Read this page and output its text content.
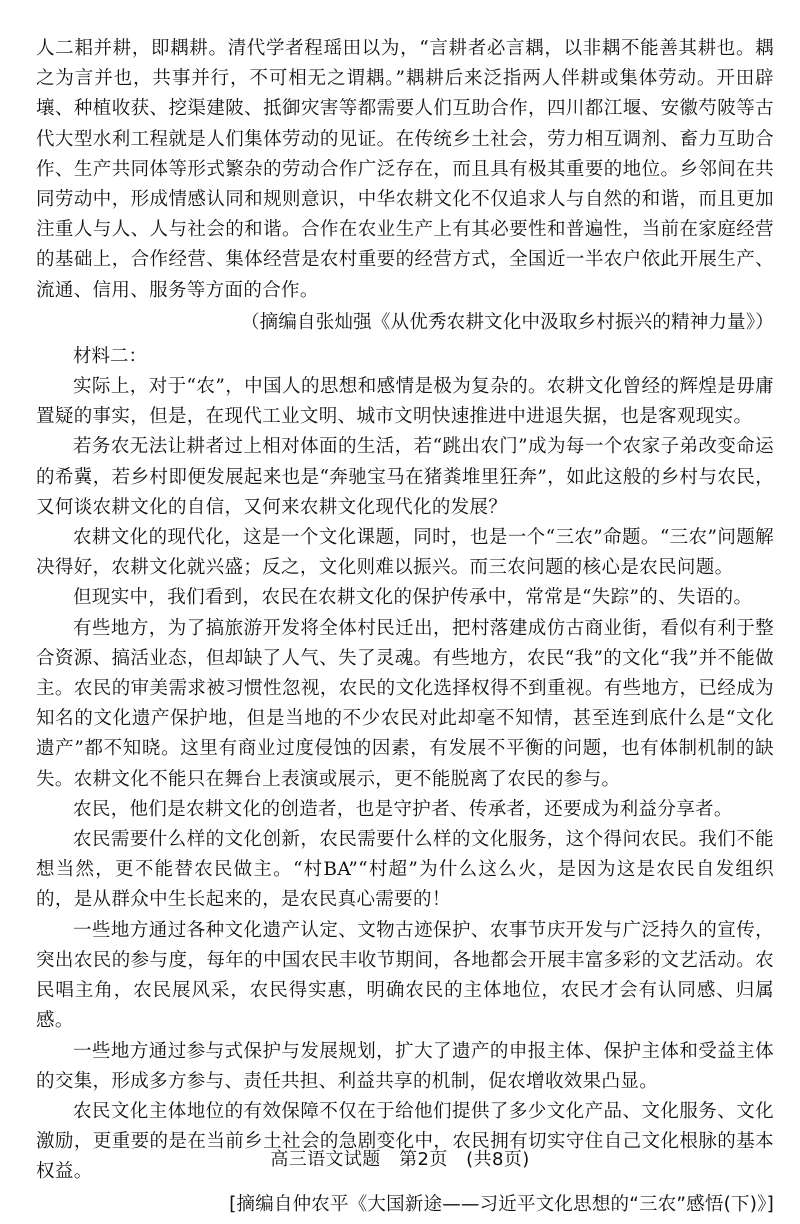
人二耜并耕，即耦耕。清代学者程瑶田以为，“言耕者必言耦，以非耦不能善其耕也。耦之为言并也，共事并行，不可相无之谓耦。”耦耕后来泛指两人伴耕或集体劳动。开田辟壤、种植收获、挖渠建陂、抵御灾害等都需要人们互助合作，四川都江堰、安徽芍陂等古代大型水利工程就是人们集体劳动的见证。在传统乡土社会，劳力相互调剂、畜力互助合作、生产共同体等形式繁杂的劳动合作广泛存在，而且具有极其重要的地位。乡邻间在共同劳动中，形成情感认同和规则意识，中华农耕文化不仅追求人与自然的和谐，而且更加注重人与人、人与社会的和谐。合作在农业生产上有其必要性和普遍性，当前在家庭经营的基础上，合作经营、集体经营是农村重要的经营方式，全国近一半农户依此开展生产、流通、信用、服务等方面的合作。

（摘编自张灿强《从优秀农耕文化中汲取乡村振兴的精神力量》）

材料二：

实际上，对于“农”，中国人的思想和感情是极为复杂的。农耕文化曾经的辉煌是毋庸置疑的事实，但是，在现代工业文明、城市文明快速推进中进退失据，也是客观现实。

若务农无法让耕者过上相对体面的生活，若“跳出农门”成为每一个农家子弟改变命运的希冀，若乡村即便发展起来也是“奔驰宝马在猪粪堆里狂奔”，如此这般的乡村与农民，又何谈农耕文化的自信，又何来农耕文化现代化的发展？

农耕文化的现代化，这是一个文化课题，同时，也是一个“三农”命题。“三农”问题解决得好，农耕文化就兴盛；反之，文化则难以振兴。而三农问题的核心是农民问题。

但现实中，我们看到，农民在农耕文化的保护传承中，常常是“失踪”的、失语的。

有些地方，为了搞旅游开发将全体村民迁出，把村落建成仿古商业街，看似有利于整合资源、搞活业态，但却缺了人气、失了灵魂。有些地方，农民“我”的文化“我”并不能做主。农民的审美需求被习惯性忽视，农民的文化选择权得不到重视。有些地方，已经成为知名的文化遗产保护地，但是当地的不少农民对此却毫不知情，甚至连到底什么是“文化遗产”都不知晓。这里有商业过度侵蚀的因素，有发展不平衡的问题，也有体制机制的缺失。农耕文化不能只在舞台上表演或展示，更不能脱离了农民的参与。

农民，他们是农耕文化的创造者，也是守护者、传承者，还要成为利益分享者。

农民需要什么样的文化创新，农民需要什么样的文化服务，这个得问农民。我们不能想当然，更不能替农民做主。“村BA”“村超”为什么这么火，是因为这是农民自发组织的，是从群众中生长起来的，是农民真心需要的！

一些地方通过各种文化遗产认定、文物古迹保护、农事节庆开发与广泛持久的宣传，突出农民的参与度，每年的中国农民丰收节期间，各地都会开展丰富多彩的文艺活动。农民唱主角，农民展风采，农民得实惠，明确农民的主体地位，农民才会有认同感、归属感。

一些地方通过参与式保护与发展规划，扩大了遗产的申报主体、保护主体和受益主体的交集，形成多方参与、责任共担、利益共享的机制，促农增收效果凸显。

农民文化主体地位的有效保障不仅在于给他们提供了多少文化产品、文化服务、文化激励，更重要的是在当前乡土社会的急剧变化中，农民拥有切实守住自己文化根脉的基本权益。

[摘编自仲农平《大国新途——习近平文化思想的“三农”感悟(下)》]

高三语文试题　第2页　(共8页)
